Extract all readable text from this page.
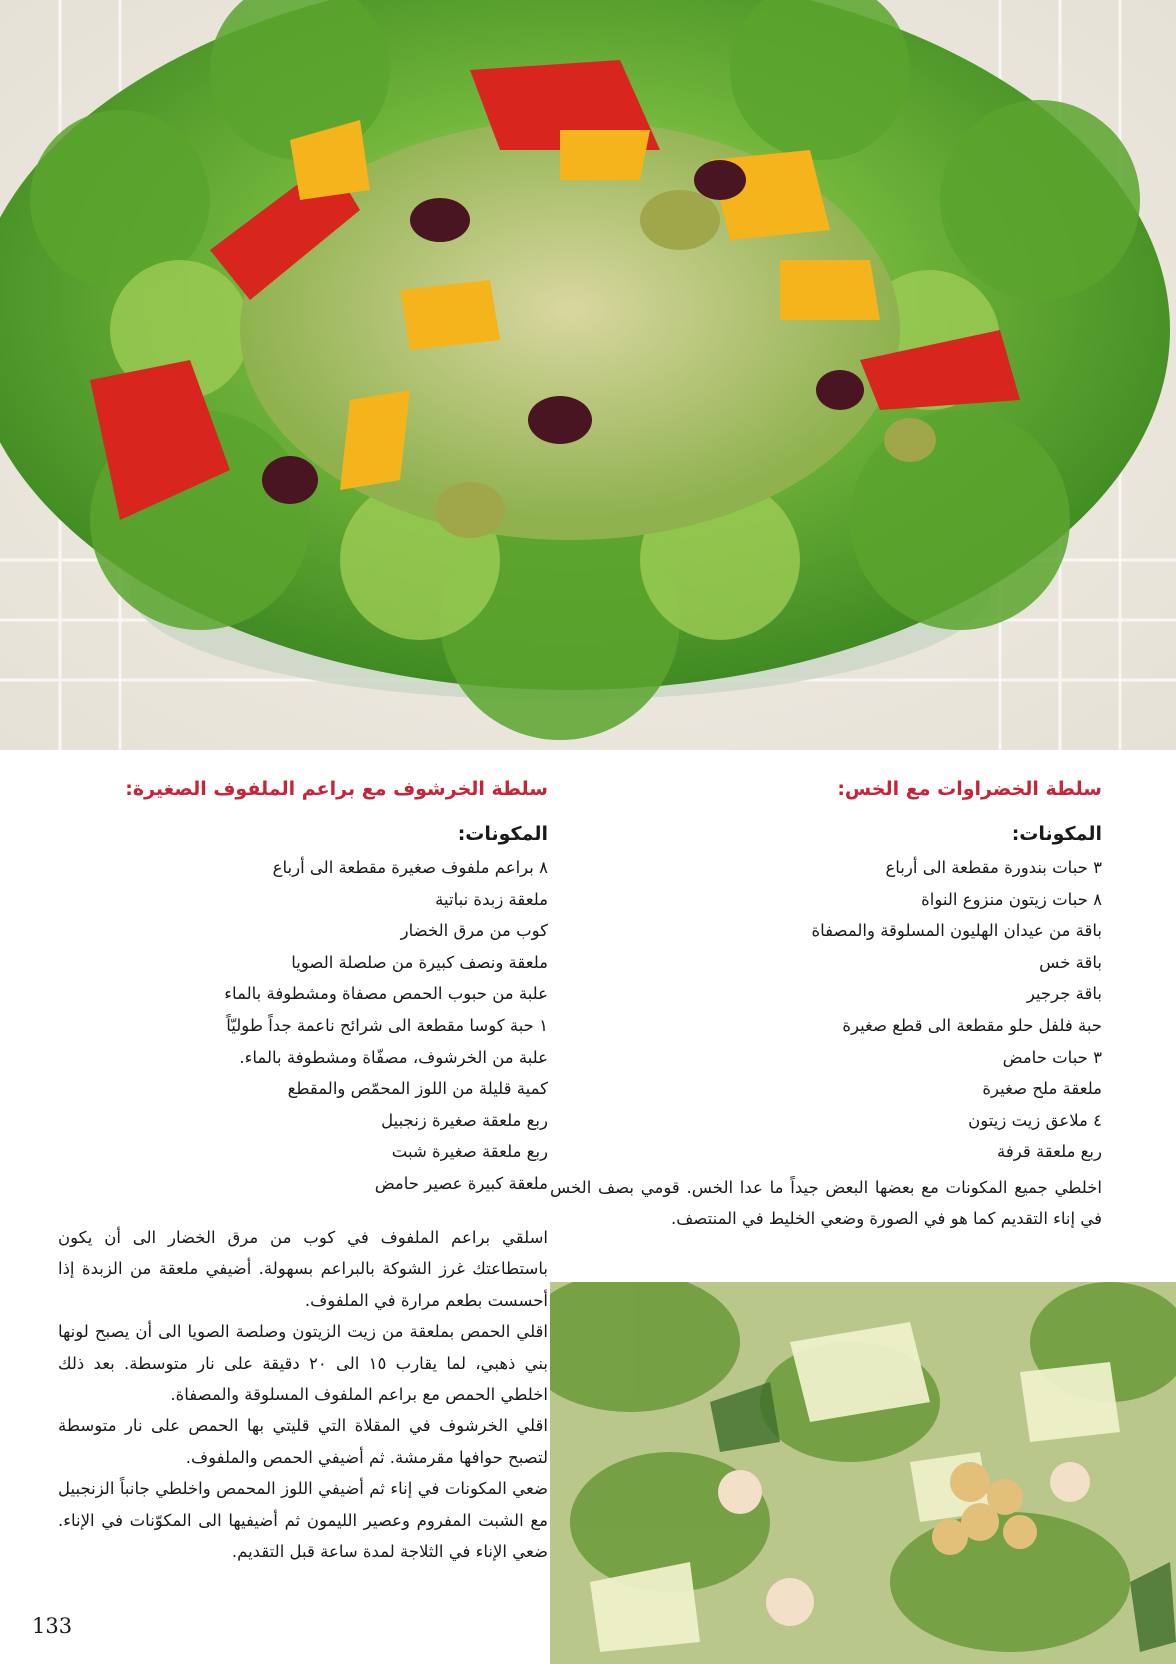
سلطة الخضراوات مع الخس:
المكونات:
٣ حبات بندورة مقطعة الى أرباع
٨ حبات زيتون منزوع النواة
باقة من عيدان الهليون المسلوقة والمصفاة
باقة خس
باقة جرجير
حبة فلفل حلو مقطعة الى قطع صغيرة
٣ حبات حامض
ملعقة ملح صغيرة
٤ ملاعق زيت زيتون
ربع ملعقة قرفة

اخلطي جميع المكونات مع بعضها البعض جيداً ما عدا الخس. قومي بصف الخس في إناء التقديم كما هو في الصورة وضعي الخليط في المنتصف.

سلطة الخرشوف مع براعم الملفوف الصغيرة:
المكونات:
٨ براعم ملفوف صغيرة مقطعة الى أرباع
ملعقة زبدة نباتية
كوب من مرق الخضار
ملعقة ونصف كبيرة من صلصلة الصويا
علبة من حبوب الحمص مصفاة ومشطوفة بالماء
١ حبة كوسا مقطعة الى شرائح ناعمة جداً طوليّاً
علبة من الخرشوف، مصفّاة ومشطوفة بالماء.
كمية قليلة من اللوز المحمّص والمقطع
ربع ملعقة صغيرة زنجبيل
ربع ملعقة صغيرة شبت
ملعقة كبيرة عصير حامض

اسلقي براعم الملفوف في كوب من مرق الخضار الى أن يكون باستطاعتك غرز الشوكة بالبراعم بسهولة. أضيفي ملعقة من الزبدة إذا أحسست بطعم مرارة في الملفوف.

اقلي الحمص بملعقة من زيت الزيتون وصلصة الصويا الى أن يصبح لونها بني ذهبي، لما يقارب ١٥ الى ٢٠ دقيقة على نار متوسطة. بعد ذلك اخلطي الحمص مع براعم الملفوف المسلوقة والمصفاة.

اقلي الخرشوف في المقلاة التي قليتي بها الحمص على نار متوسطة لتصبح حوافها مقرمشة. ثم أضيفي الحمص والملفوف.

ضعي المكونات في إناء ثم أضيفي اللوز المحمص واخلطي جانباً الزنجبيل مع الشبت المفروم وعصير الليمون ثم أضيفيها الى المكوّنات في الإناء. ضعي الإناء في الثلاجة لمدة ساعة قبل التقديم.

133
